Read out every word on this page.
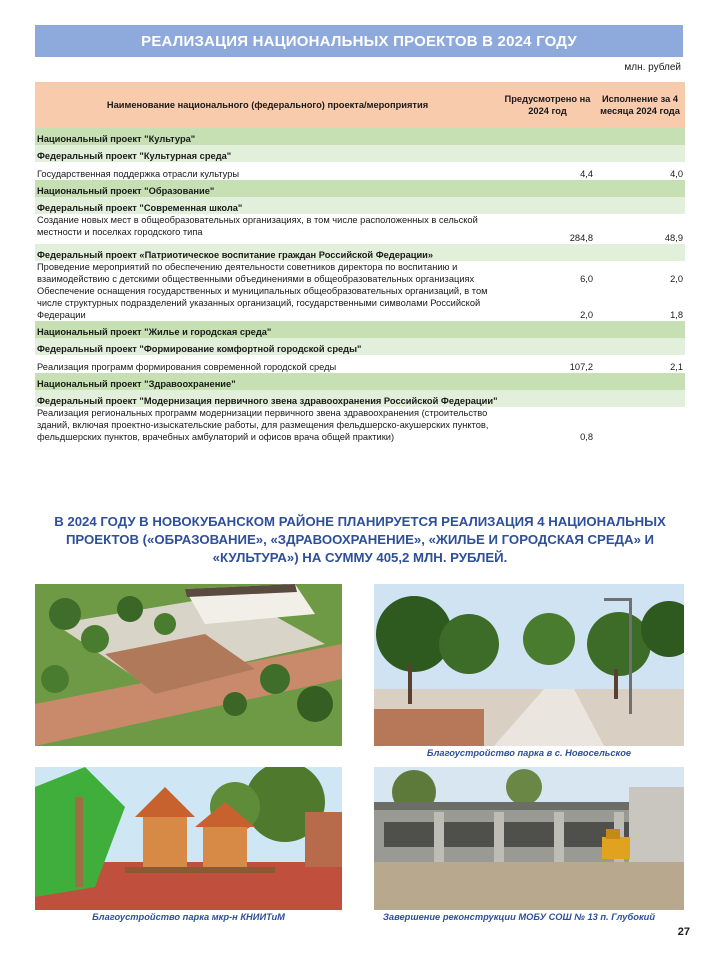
РЕАЛИЗАЦИЯ НАЦИОНАЛЬНЫХ ПРОЕКТОВ В 2024 ГОДУ
млн. рублей
Наименование национального (федерального) проекта/мероприятия	Предусмотрено на 2024 год	Исполнение за 4 месяца 2024 года
Национальный проект "Культура"		
Федеральный проект "Культурная среда"		
Государственная поддержка отрасли культуры	4,4	4,0
Национальный проект "Образование"		
Федеральный проект "Современная школа"		
Создание новых мест в общеобразовательных организациях, в том числе расположенных в сельской местности и поселках городского типа	284,8	48,9
Федеральный проект «Патриотическое воспитание граждан Российской Федерации»		
Проведение мероприятий по обеспечению деятельности советников директора по воспитанию и взаимодействию с детскими общественными объединениями в общеобразовательных организациях	6,0	2,0
Обеспечение оснащения государственных и муниципальных общеобразовательных организаций, в том числе структурных подразделений указанных организаций, государственными символами Российской Федерации	2,0	1,8
Национальный проект "Жилье и городская среда"		
Федеральный проект "Формирование комфортной городской среды"		
Реализация программ формирования современной городской среды	107,2	2,1
Национальный проект "Здравоохранение"		
Федеральный проект "Модернизация первичного звена здравоохранения Российской Федерации"		
Реализация региональных программ модернизации первичного звена здравоохранения (строительство зданий, включая проектно-изыскательские работы, для размещения фельдшерско-акушерских пунктов, фельдшерских пунктов, врачебных амбулаторий и офисов врача общей практики)	0,8	
В 2024 ГОДУ В НОВОКУБАНСКОМ РАЙОНЕ ПЛАНИРУЕТСЯ РЕАЛИЗАЦИЯ 4 НАЦИОНАЛЬНЫХ ПРОЕКТОВ («ОБРАЗОВАНИЕ», «ЗДРАВООХРАНЕНИЕ», «ЖИЛЬЕ И ГОРОДСКАЯ СРЕДА» И «КУЛЬТУРА») НА СУММУ 405,2 МЛН. РУБЛЕЙ.
Благоустройство парка в с. Новосельское
Благоустройство парка мкр-н КНИИТиМ	Завершение реконструкции МОБУ СОШ № 13 п. Глубокий
27
